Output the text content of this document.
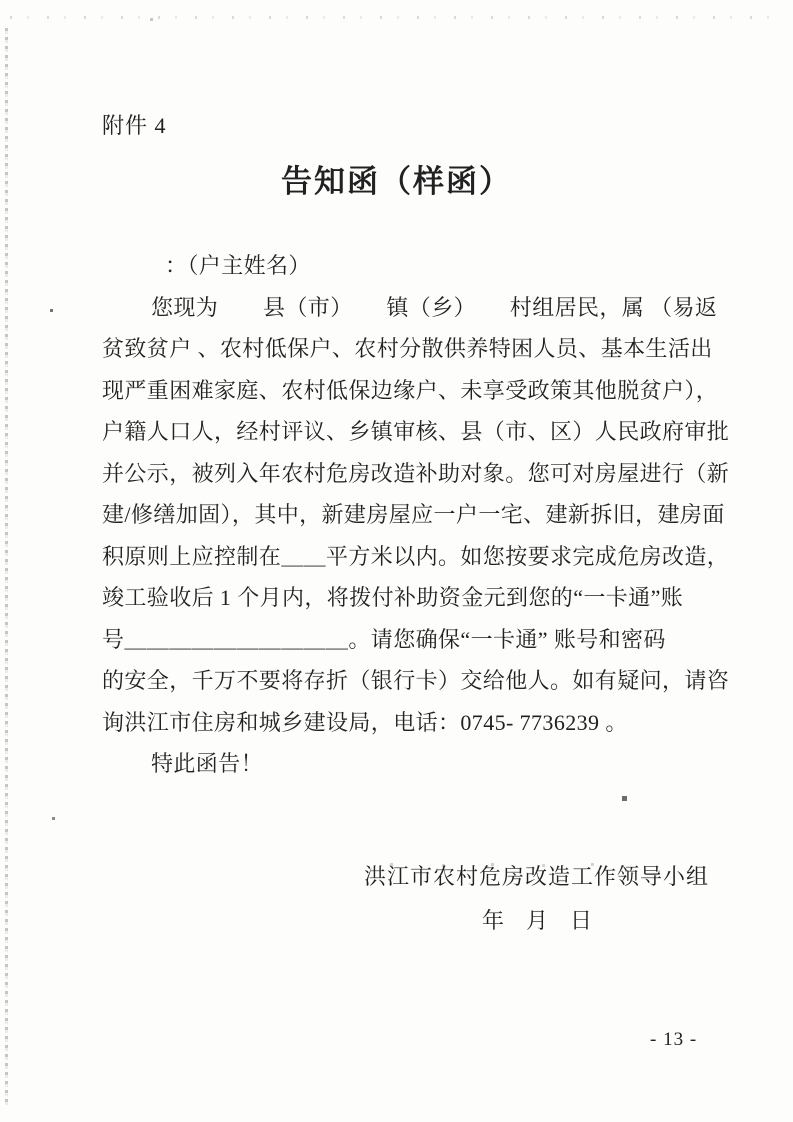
附件 4
告知函（样函）
：（户主姓名）
您现为　　县（市）　　镇（乡）　　村组居民，属 （易返
贫致贫户 、农村低保户、农村分散供养特困人员、基本生活出
现严重困难家庭、农村低保边缘户、未享受政策其他脱贫户），
户籍人口人，经村评议、乡镇审核、县（市、区）人民政府审批
并公示，被列入年农村危房改造补助对象。您可对房屋进行（新
建/修缮加固），其中，新建房屋应一户一宅、建新拆旧，建房面
积原则上应控制在＿＿平方米以内。如您按要求完成危房改造，
竣工验收后 1 个月内，将拨付补助资金元到您的“一卡通”账
号＿＿＿＿＿＿＿＿＿＿。请您确保“一卡通” 账号和密码
的安全，千万不要将存折（银行卡）交给他人。如有疑问，请咨
询洪江市住房和城乡建设局，电话：0745- 7736239 。
特此函告！
洪江市农村危房改造工作领导小组
年　月　日
- 13 -
